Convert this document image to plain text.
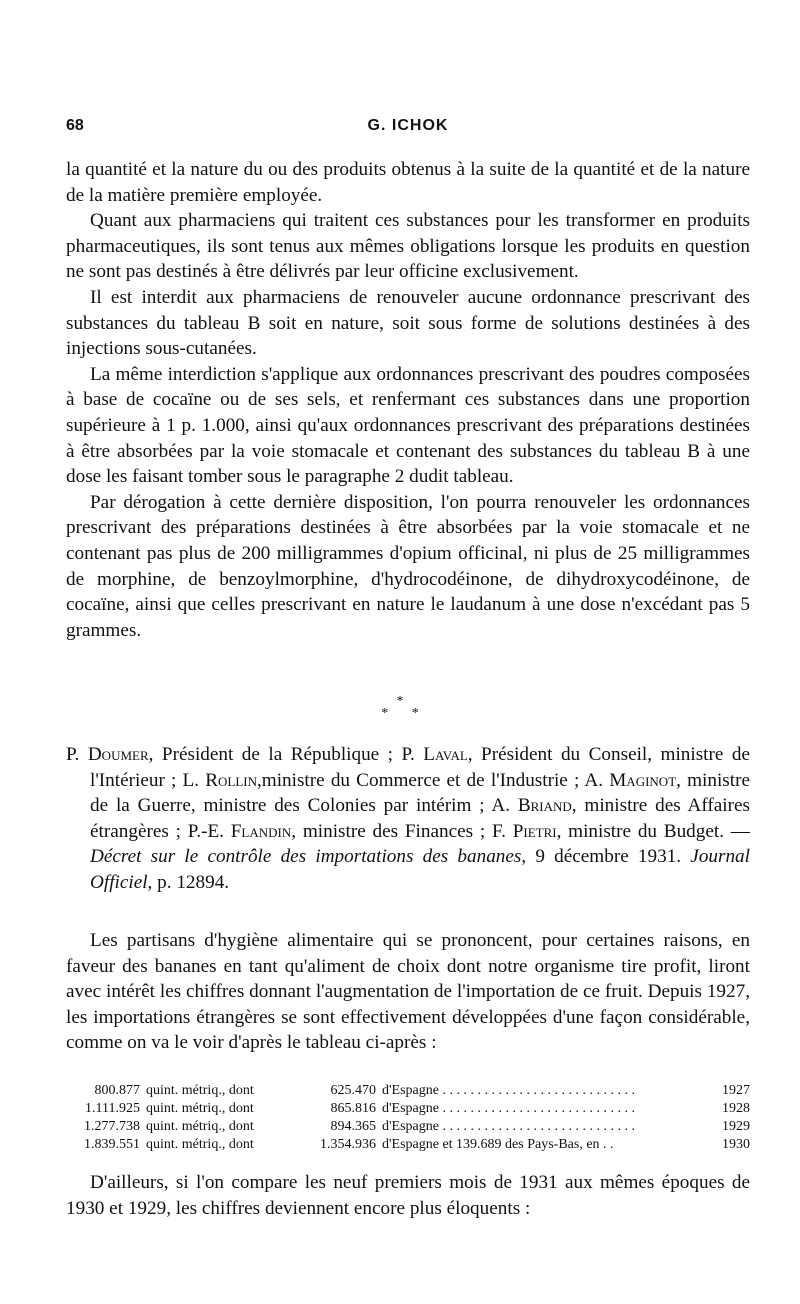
68	G. ICHOK

la quantité et la nature du ou des produits obtenus à la suite de la quantité et de la nature de la matière première employée.

Quant aux pharmaciens qui traitent ces substances pour les transformer en produits pharmaceutiques, ils sont tenus aux mêmes obligations lorsque les produits en question ne sont pas destinés à être délivrés par leur officine exclusivement.

Il est interdit aux pharmaciens de renouveler aucune ordonnance prescrivant des substances du tableau B soit en nature, soit sous forme de solutions destinées à des injections sous-cutanées.

La même interdiction s'applique aux ordonnances prescrivant des poudres composées à base de cocaïne ou de ses sels, et renfermant ces substances dans une proportion supérieure à 1 p. 1.000, ainsi qu'aux ordonnances prescrivant des préparations destinées à être absorbées par la voie stomacale et contenant des substances du tableau B à une dose les faisant tomber sous le paragraphe 2 dudit tableau.

Par dérogation à cette dernière disposition, l'on pourra renouveler les ordonnances prescrivant des préparations destinées à être absorbées par la voie stomacale et ne contenant pas plus de 200 milligrammes d'opium officinal, ni plus de 25 milligrammes de morphine, de benzoylmorphine, d'hydrocodéinone, de dihydroxycodéinone, de cocaïne, ainsi que celles prescrivant en nature le laudanum à une dose n'excédant pas 5 grammes.

*
* *

P. Doumer, Président de la République ; P. Laval, Président du Conseil, ministre de l'Intérieur ; L. Rollin,ministre du Commerce et de l'Industrie ; A. Maginot, ministre de la Guerre, ministre des Colonies par intérim ; A. Briand, ministre des Affaires étrangères ; P.-E. Flandin, ministre des Finances ; F. Pietri, ministre du Budget. — Décret sur le contrôle des importations des bananes, 9 décembre 1931. Journal Officiel, p. 12894.

Les partisans d'hygiène alimentaire qui se prononcent, pour certaines raisons, en faveur des bananes en tant qu'aliment de choix dont notre organisme tire profit, liront avec intérêt les chiffres donnant l'augmentation de l'importation de ce fruit. Depuis 1927, les importations étrangères se sont effectivement développées d'une façon considérable, comme on va le voir d'après le tableau ci-après :

800.877 quint. métriq., dont	625.470 d'Espagne . . . . . . . . . . . . . . . . . . . . . . . . . . . .	1927
1.111.925 quint. métriq., dont	865.816 d'Espagne . . . . . . . . . . . . . . . . . . . . . . . . . . . .	1928
1.277.738 quint. métriq., dont	894.365 d'Espagne . . . . . . . . . . . . . . . . . . . . . . . . . . . .	1929
1.839.551 quint. métriq., dont	1.354.936 d'Espagne et 139.689 des Pays-Bas, en . .	1930

D'ailleurs, si l'on compare les neuf premiers mois de 1931 aux mêmes époques de 1930 et 1929, les chiffres deviennent encore plus éloquents :
